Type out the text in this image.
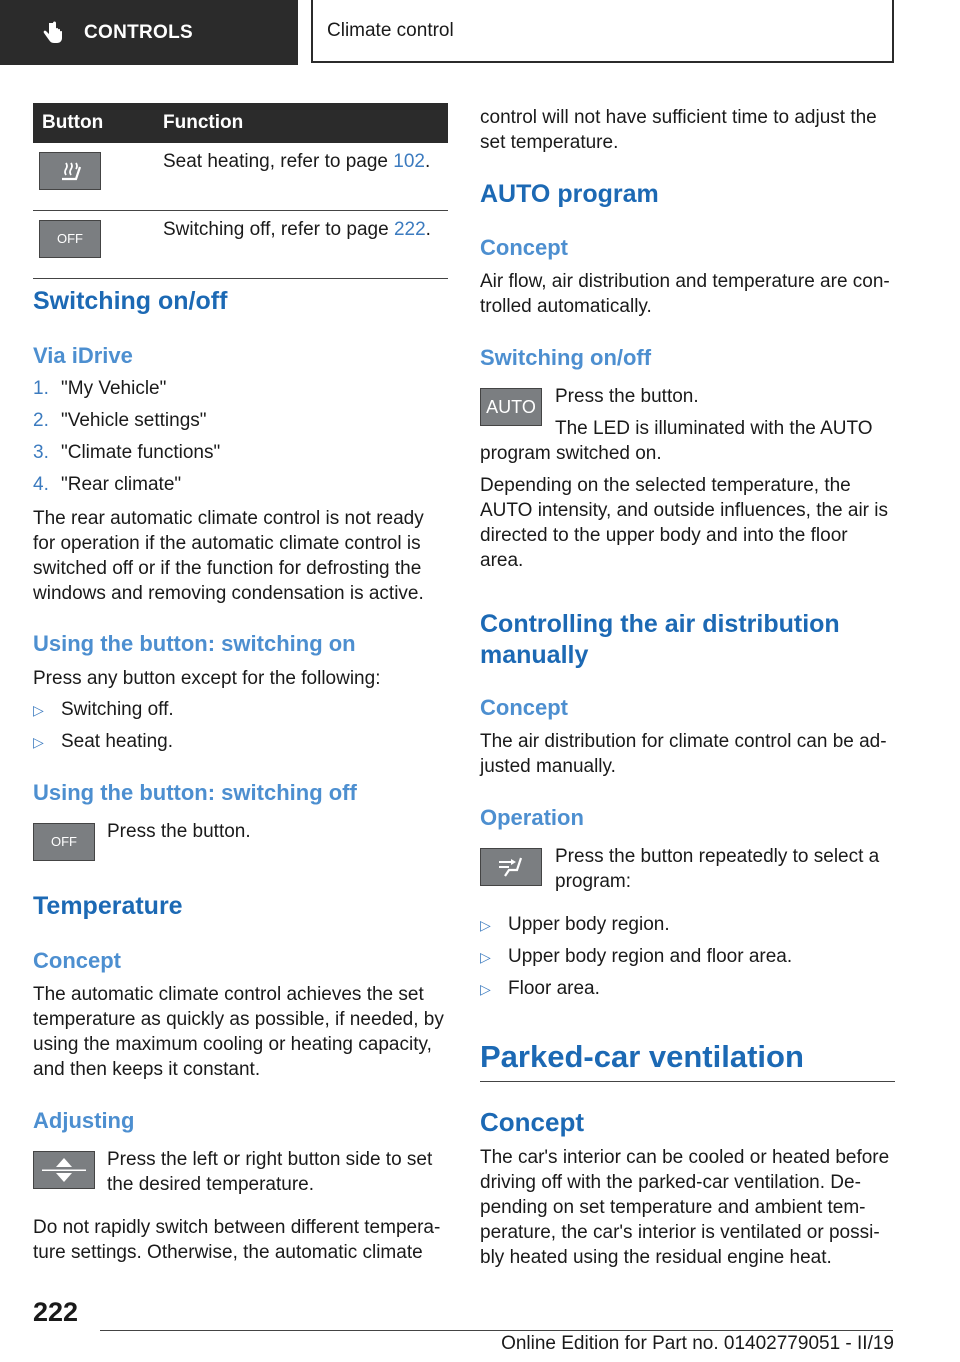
CONTROLS	Climate control
Button	Function
	Seat heating, refer to page 102.
OFF	Switching off, refer to page 222.
Switching on/off
Via iDrive
1. "My Vehicle"
2. "Vehicle settings"
3. "Climate functions"
4. "Rear climate"
The rear automatic climate control is not ready
for operation if the automatic climate control is
switched off or if the function for defrosting the
windows and removing condensation is active.
Using the button: switching on
Press any button except for the following:
▷ Switching off.
▷ Seat heating.
Using the button: switching off
OFF	Press the button.
Temperature
Concept
The automatic climate control achieves the set
temperature as quickly as possible, if needed, by
using the maximum cooling or heating capacity,
and then keeps it constant.
Adjusting
Press the left or right button side to set
the desired temperature.
Do not rapidly switch between different tempera‐
ture settings. Otherwise, the automatic climate
control will not have sufficient time to adjust the
set temperature.
AUTO program
Concept
Air flow, air distribution and temperature are con‐
trolled automatically.
Switching on/off
AUTO	Press the button.
The LED is illuminated with the AUTO
program switched on.
Depending on the selected temperature, the
AUTO intensity, and outside influences, the air is
directed to the upper body and into the floor
area.
Controlling the air distribution
manually
Concept
The air distribution for climate control can be ad‐
justed manually.
Operation
Press the button repeatedly to select a
program:
▷ Upper body region.
▷ Upper body region and floor area.
▷ Floor area.
Parked-car ventilation
Concept
The car's interior can be cooled or heated before
driving off with the parked-car ventilation. De‐
pending on set temperature and ambient tem‐
perature, the car's interior is ventilated or possi‐
bly heated using the residual engine heat.
222
Online Edition for Part no. 01402779051 - II/19
